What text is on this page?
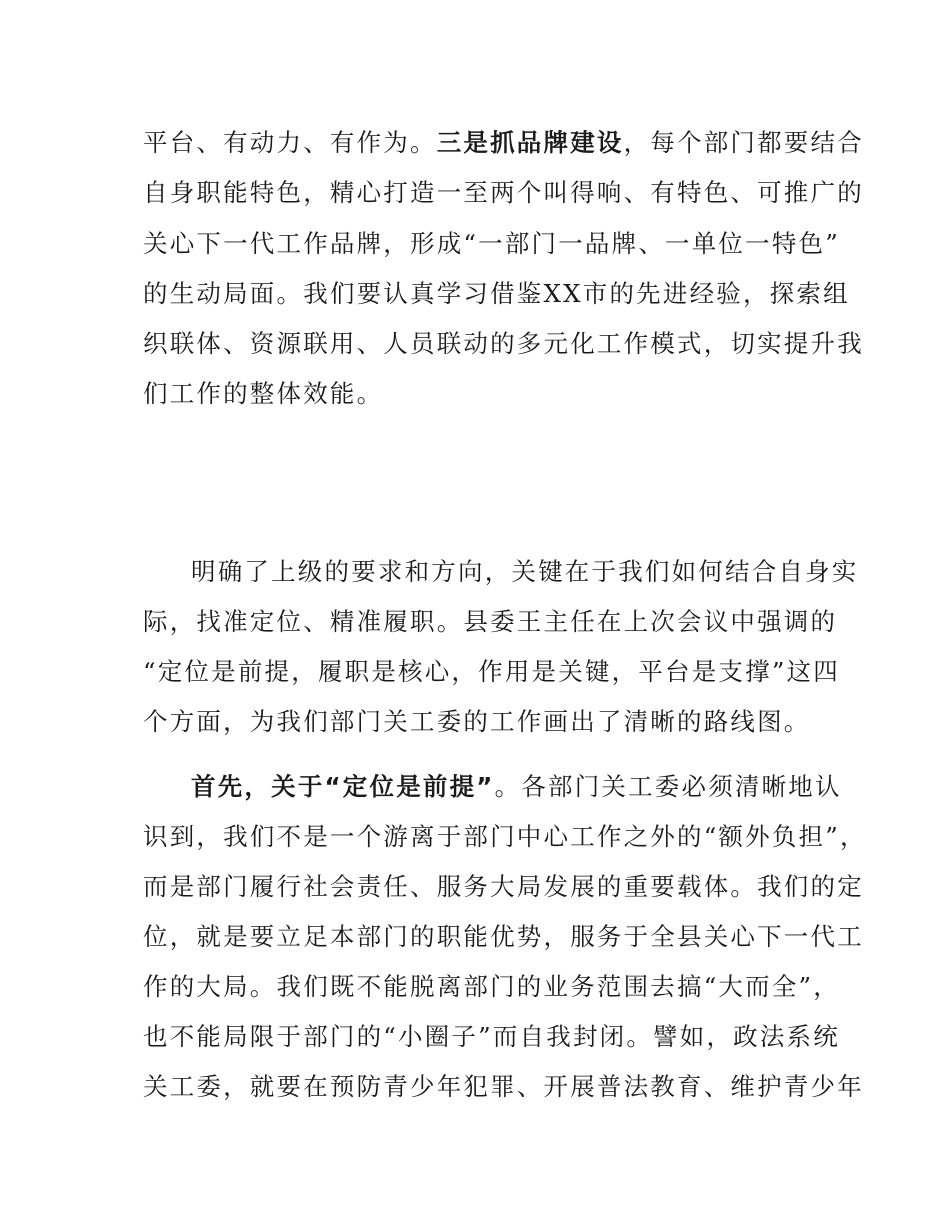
平台、有动力、有作为。三是抓品牌建设，每个部门都要结合
自身职能特色，精心打造一至两个叫得响、有特色、可推广的
关心下一代工作品牌，形成“一部门一品牌、一单位一特色”
的生动局面。我们要认真学习借鉴XX市的先进经验，探索组
织联体、资源联用、人员联动的多元化工作模式，切实提升我
们工作的整体效能。
明确了上级的要求和方向，关键在于我们如何结合自身实
际，找准定位、精准履职。县委王主任在上次会议中强调的
“定位是前提，履职是核心，作用是关键，平台是支撑”这四
个方面，为我们部门关工委的工作画出了清晰的路线图。
首先，关于“定位是前提”。各部门关工委必须清晰地认
识到，我们不是一个游离于部门中心工作之外的“额外负担”，
而是部门履行社会责任、服务大局发展的重要载体。我们的定
位，就是要立足本部门的职能优势，服务于全县关心下一代工
作的大局。我们既不能脱离部门的业务范围去搞“大而全”，
也不能局限于部门的“小圈子”而自我封闭。譬如，政法系统
关工委，就要在预防青少年犯罪、开展普法教育、维护青少年
